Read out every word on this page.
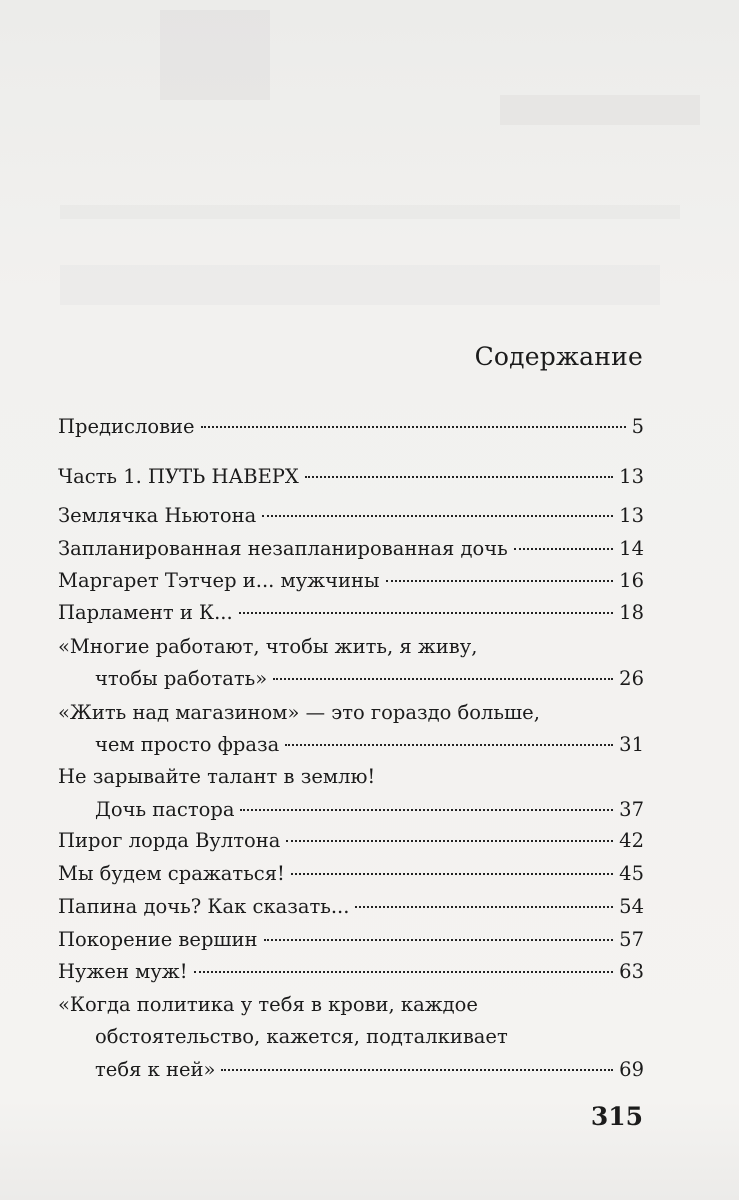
Содержание
Предисловие	5
Часть 1. ПУТЬ НАВЕРХ	13
Землячка Ньютона	13
Запланированная незапланированная дочь	14
Маргарет Тэтчер и... мужчины	16
Парламент и К...	18
«Многие работают, чтобы жить, я живу,
чтобы работать»	26
«Жить над магазином» — это гораздо больше,
чем просто фраза	31
Не зарывайте талант в землю!
Дочь пастора	37
Пирог лорда Вултона	42
Мы будем сражаться!	45
Папина дочь? Как сказать...	54
Покорение вершин	57
Нужен муж!	63
«Когда политика у тебя в крови, каждое
обстоятельство, кажется, подталкивает
тебя к ней»	69
315
